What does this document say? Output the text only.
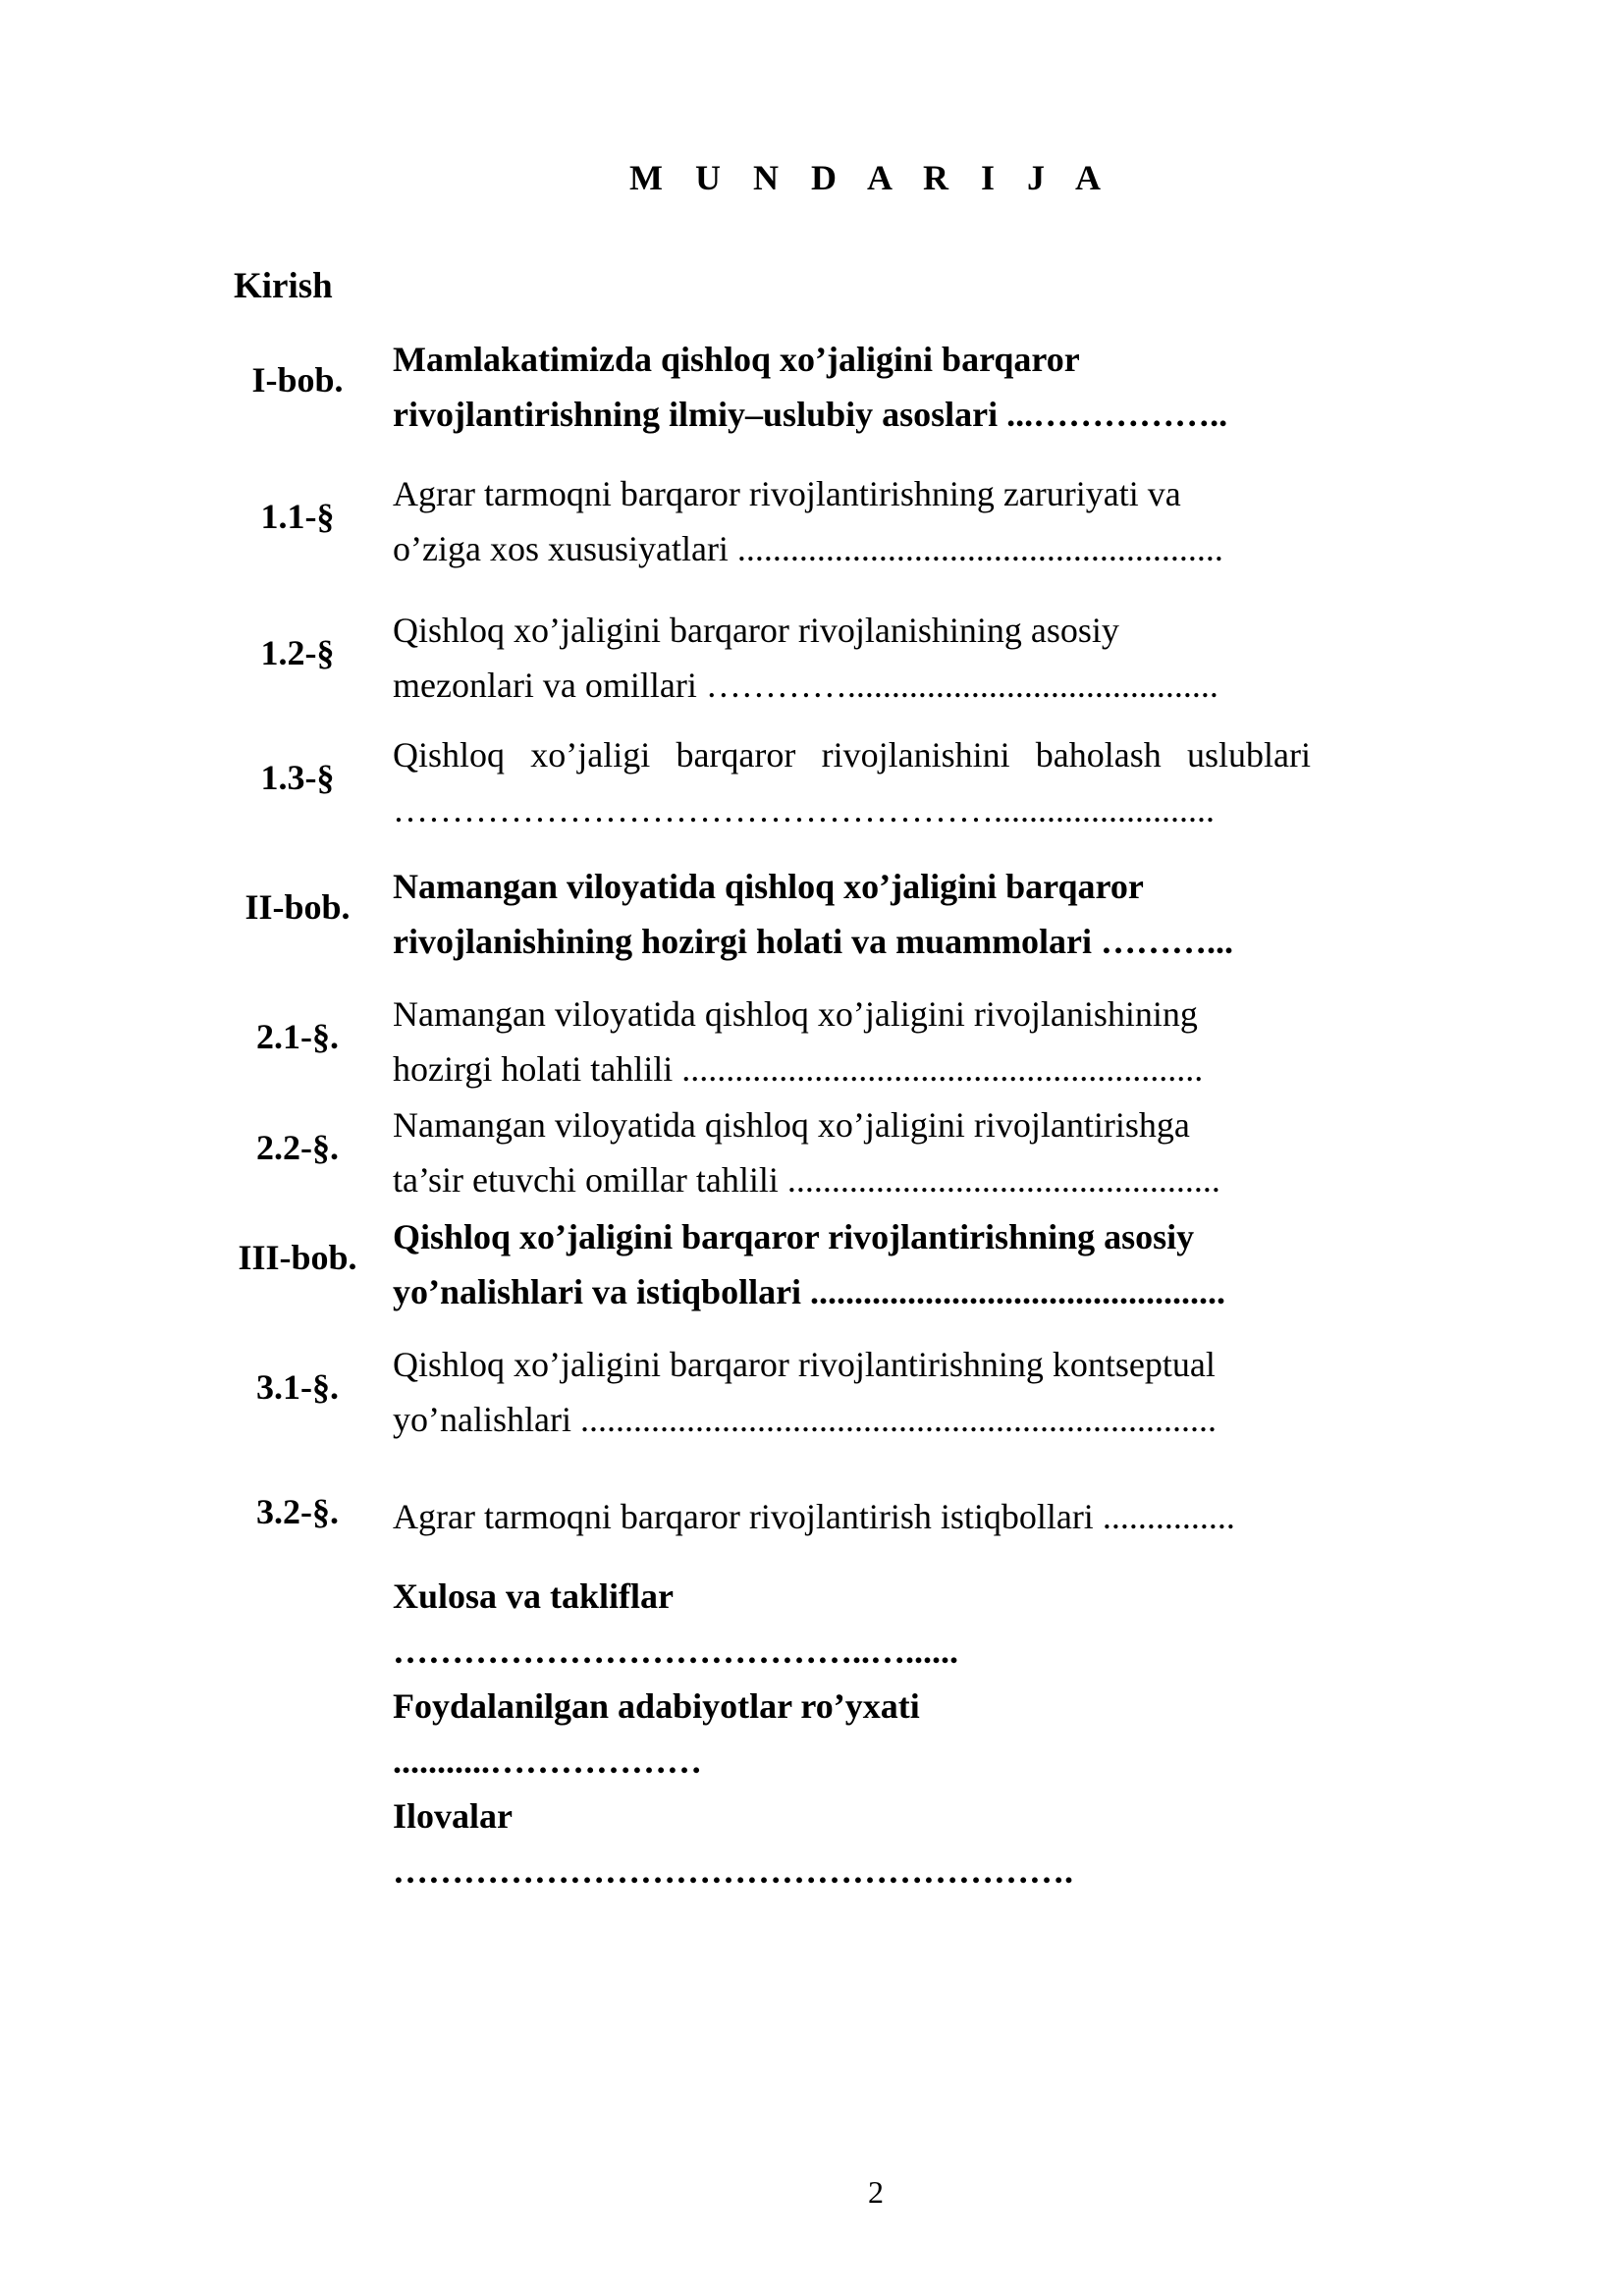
M U N D A R I J A
Kirish
I-bob.
Mamlakatimizda qishloq xo’jaligini barqaror
rivojlantirishning ilmiy–uslubiy asoslari ...……………..
1.1-§
Agrar tarmoqni barqaror rivojlantirishning zaruriyati va
o’ziga xos xususiyatlari .......................................................
1.2-§
Qishloq xo’jaligini barqaror rivojlanishining asosiy
mezonlari va omillari …………..........................................
1.3-§
Qishloq xo’jaligi barqaror rivojlanishini baholash uslublari
…………………………………………….........................
II-bob.
Namangan viloyatida qishloq xo’jaligini barqaror
rivojlanishining hozirgi holati va muammolari ………...
2.1-§.
Namangan viloyatida qishloq xo’jaligini rivojlanishining
hozirgi holati tahlili ...........................................................
2.2-§.
Namangan viloyatida qishloq xo’jaligini rivojlantirishga
ta’sir etuvchi omillar tahlili .................................................
III-bob.
Qishloq xo’jaligini barqaror rivojlantirishning asosiy
yo’nalishlari va istiqbollari ...............................................
3.1-§.
Qishloq xo’jaligini barqaror rivojlantirishning kontseptual
yo’nalishlari ........................................................................
3.2-§.	Agrar tarmoqni barqaror rivojlantirish istiqbollari ...............
Xulosa va takliflar
…………………………………..…......
Foydalanilgan adabiyotlar ro’yxati
...........………………
Ilovalar
………………………………………………….
2
